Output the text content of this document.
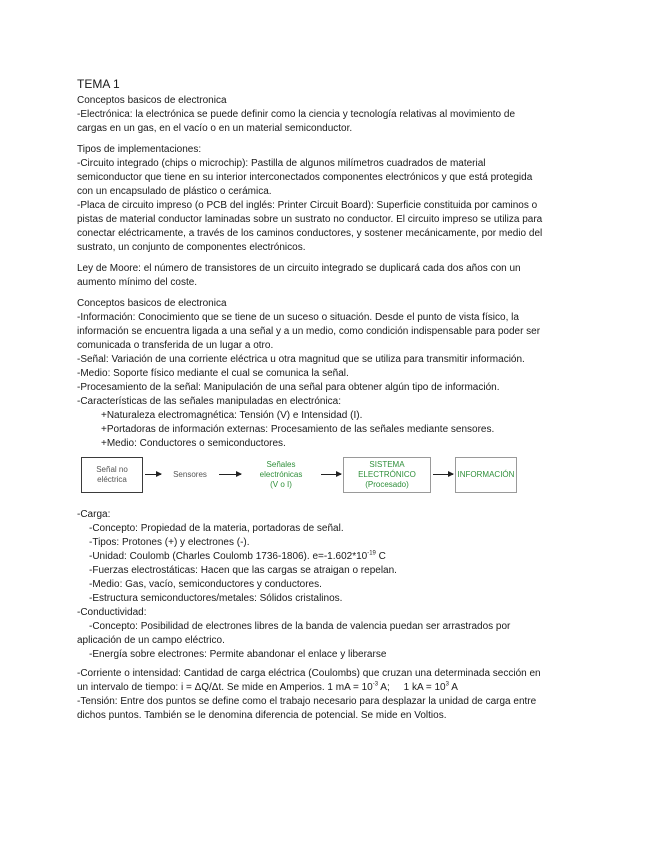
TEMA 1

Conceptos basicos de electronica

-Electrónica: la electrónica se puede definir como la ciencia y tecnología relativas al movimiento de

cargas en un gas, en el vacío o en un material semiconductor.

Tipos de implementaciones:

-Circuito integrado (chips o microchip): Pastilla de algunos milímetros cuadrados de material

semiconductor que tiene en su interior interconectados componentes electrónicos y que está protegida

con un encapsulado de plástico o cerámica.

-Placa de circuito impreso (o PCB del inglés: Printer Circuit Board): Superficie constituida por caminos o

pistas de material conductor laminadas sobre un sustrato no conductor. El circuito impreso se utiliza para

conectar eléctricamente, a través de los caminos conductores, y sostener mecánicamente, por medio del

sustrato, un conjunto de componentes electrónicos.

Ley de Moore: el número de transistores de un circuito integrado se duplicará cada dos años con un

aumento mínimo del coste.

Conceptos basicos de electronica

-Información: Conocimiento que se tiene de un suceso o situación. Desde el punto de vista físico, la

información se encuentra ligada a una señal y a un medio, como condición indispensable para poder ser

comunicada o transferida de un lugar a otro.

-Señal: Variación de una corriente eléctrica u otra magnitud que se utiliza para transmitir información.

-Medio: Soporte físico mediante el cual se comunica la señal.

-Procesamiento de la señal: Manipulación de una señal para obtener algún tipo de información.

-Características de las señales manipuladas en electrónica:

+Naturaleza electromagnética: Tensión (V) e Intensidad (I).

+Portadoras de información externas: Procesamiento de las señales mediante sensores.

+Medio: Conductores o semiconductores.

Señal no
eléctrica
Sensores
Señales
electrónicas
(V o I)
SISTEMA
ELECTRÓNICO
(Procesado)
INFORMACIÓN

-Carga:

-Concepto: Propiedad de la materia, portadoras de señal.

-Tipos: Protones (+) y electrones (-).

-Unidad: Coulomb (Charles Coulomb 1736-1806). $e=-1.602*10^{-19}$ C

-Fuerzas electrostáticas: Hacen que las cargas se atraigan o repelan.

-Medio: Gas, vacío, semiconductores y conductores.

-Estructura semiconductores/metales: Sólidos cristalinos.

-Conductividad:

-Concepto: Posibilidad de electrones libres de la banda de valencia puedan ser arrastrados por

aplicación de un campo eléctrico.

-Energía sobre electrones: Permite abandonar el enlace y liberarse

-Corriente o intensidad: Cantidad de carga eléctrica (Coulombs) que cruzan una determinada sección en

un intervalo de tiempo: i = ΔQ/Δt. Se mide en Amperios. 1 mA = $10^{-3}$ A;     1 kA = $10^3$ A

-Tensión: Entre dos puntos se define como el trabajo necesario para desplazar la unidad de carga entre

dichos puntos. También se le denomina diferencia de potencial. Se mide en Voltios.
